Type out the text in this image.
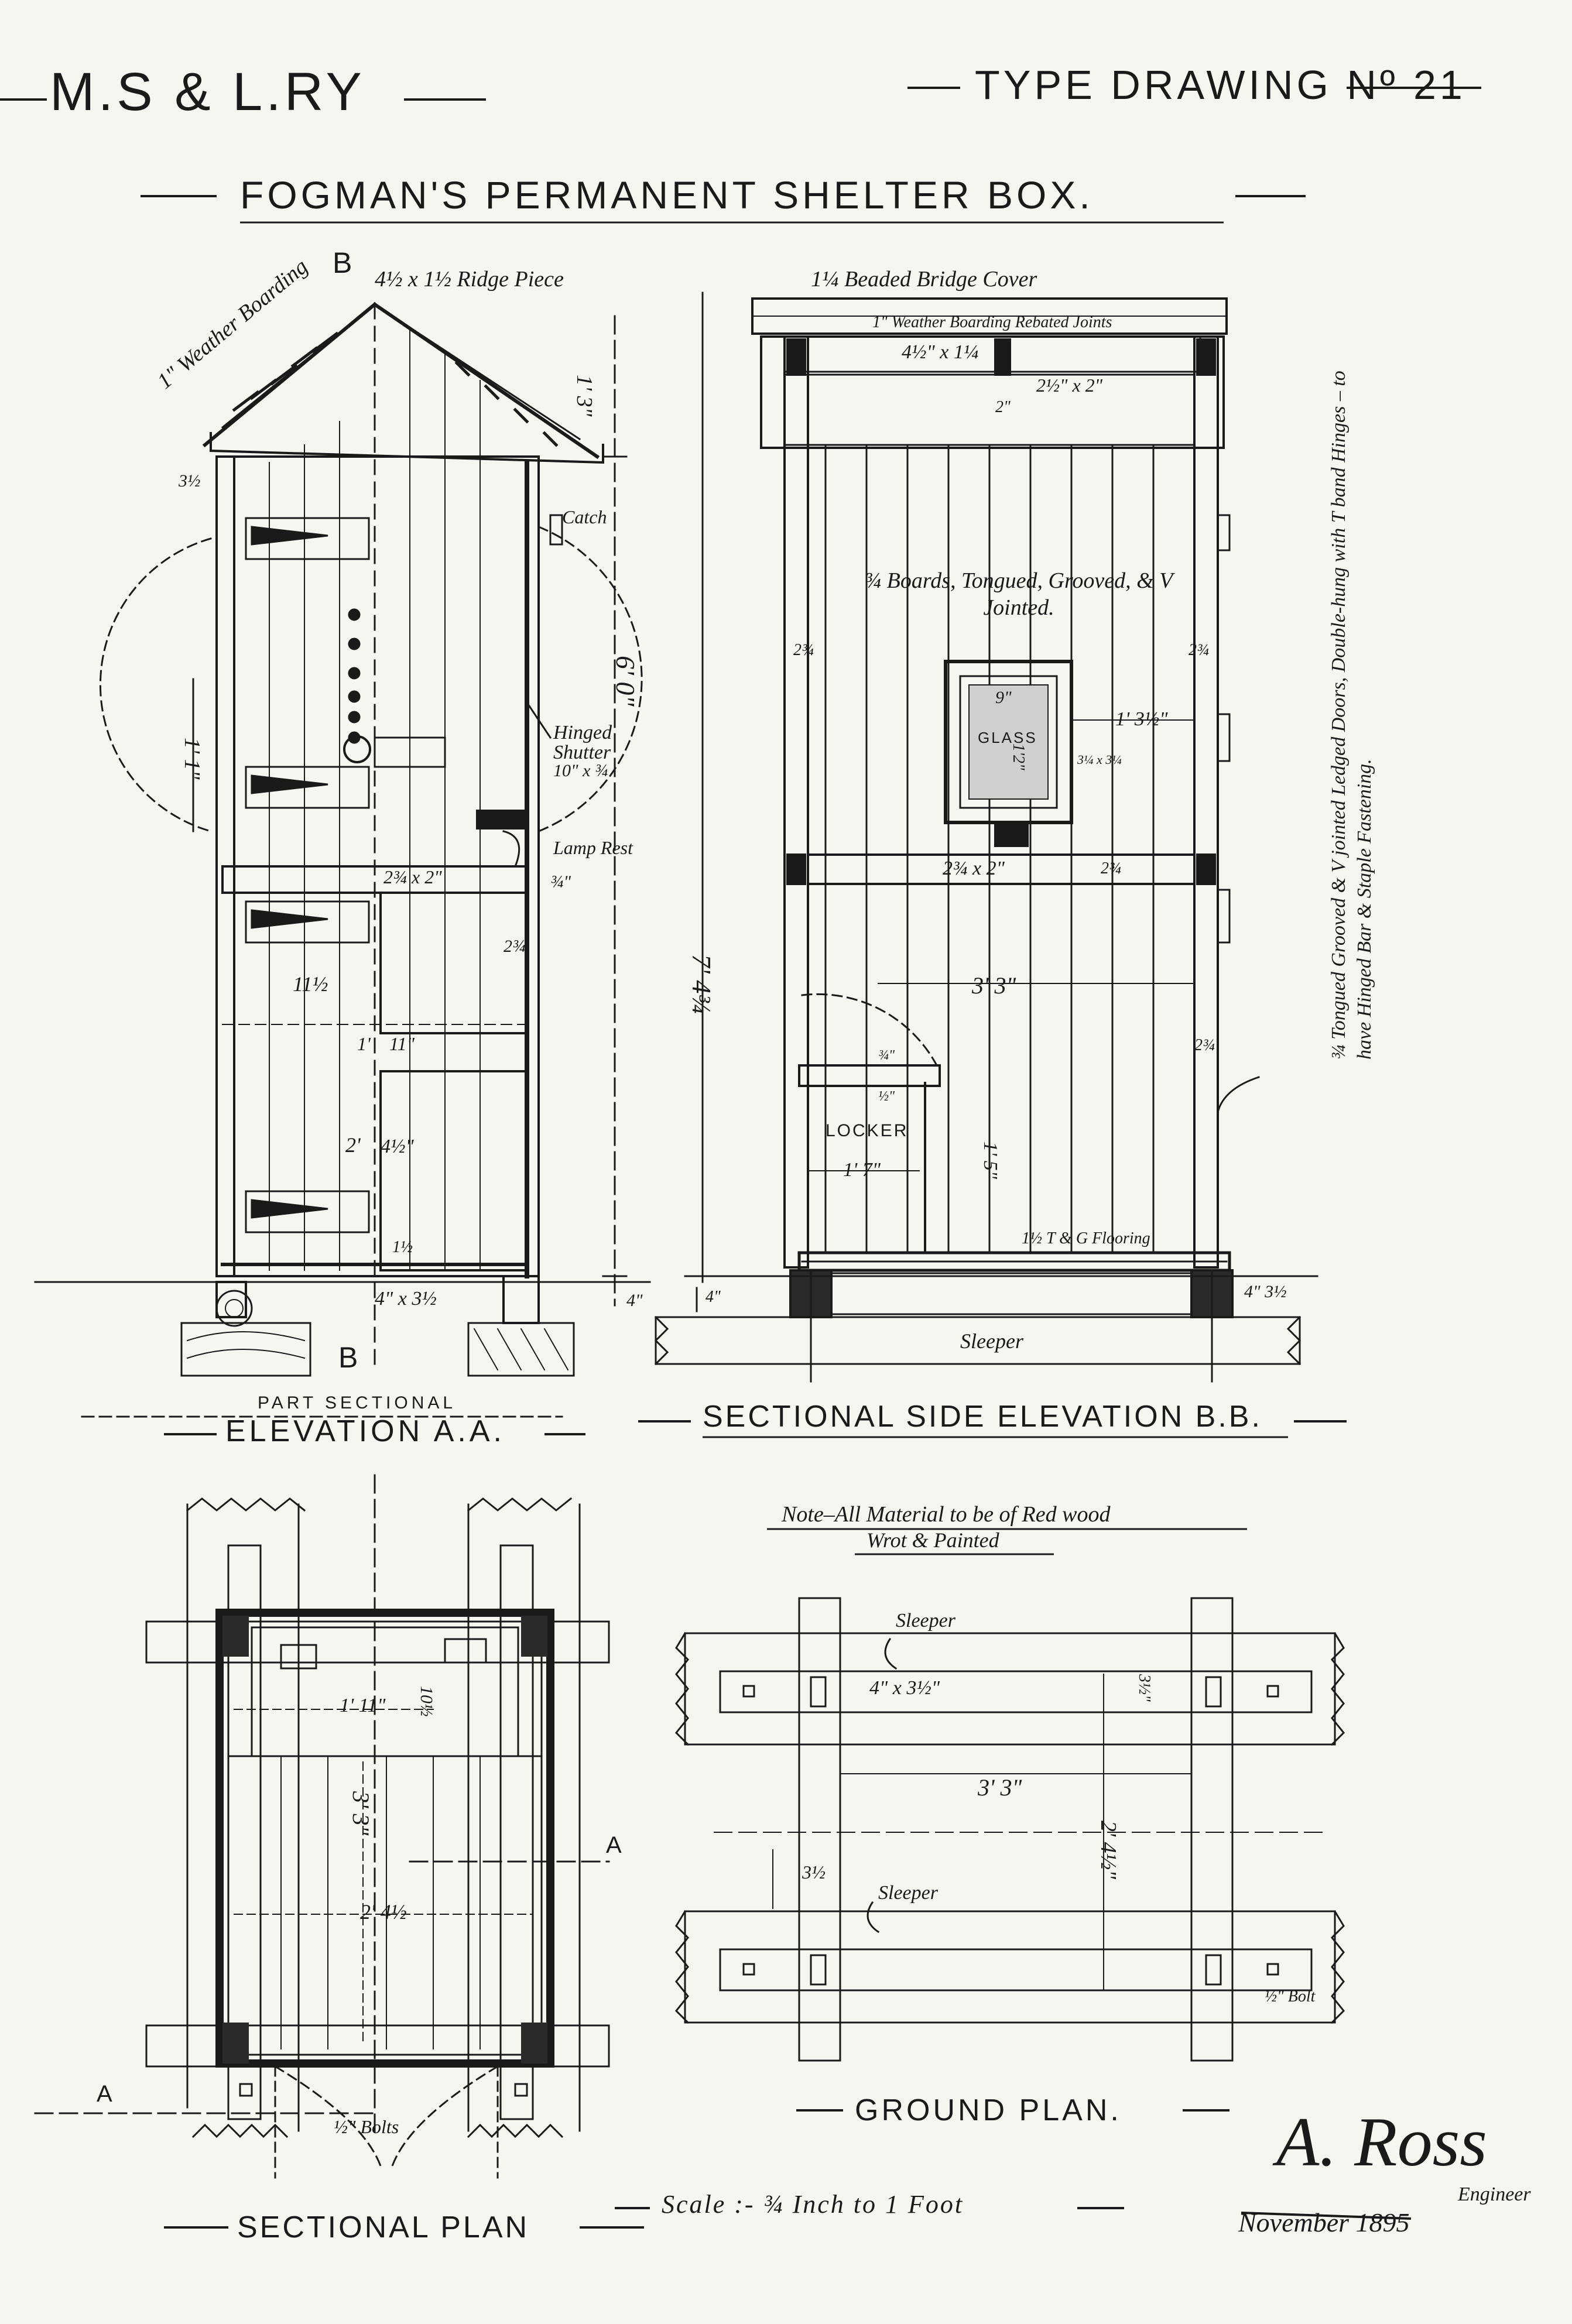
M.S & L.RY	TYPE DRAWING Nº 21
FOGMAN'S PERMANENT SHELTER BOX.
B 4½ x 1½ Ridge Piece
1" Weather Boarding
3½
1' 3"
Catch
6' 0"
1' 1"
Hinged Shutter
10" x ¾
Lamp Rest
2¾ x 2"	¾"
2¾
11½
1' 11"
7' 4¾
2' 4½"
1½
4" x 3½	4"
B
PART SECTIONAL
ELEVATION A.A.
1¼ Beaded Bridge Cover
1" Weather Boarding Rebated Joints
4½" x 1¼
2½" x 2"
2"
¾ Boards, Tongued, Grooved, & V Jointed.
2¾	2¾
9"
GLASS
1'2"	3¼ x 3¼
1' 3½"
2¾ x 2"	2¾
3' 3"
2¾
¾"
½"
LOCKER
1' 7"	1' 5"
1½ T & G Flooring
4"	4" 3½
Sleeper
¾ Tongued Grooved & V jointed Ledged Doors, Double-hung with T band Hinges – to have Hinged Bar & Staple Fastening.
SECTIONAL SIDE ELEVATION B.B.
1' 11" 10½
3' 3"
A
2' 4½
A
½" Bolts
SECTIONAL PLAN
Note–All Material to be of Red wood
Wrot & Painted
Sleeper
4" x 3½"	3½"
3' 3"
2' 4½"
3½
Sleeper
½" Bolt
GROUND PLAN.
Scale :- ¾ Inch to 1 Foot
A. Ross
Engineer
November 1895
